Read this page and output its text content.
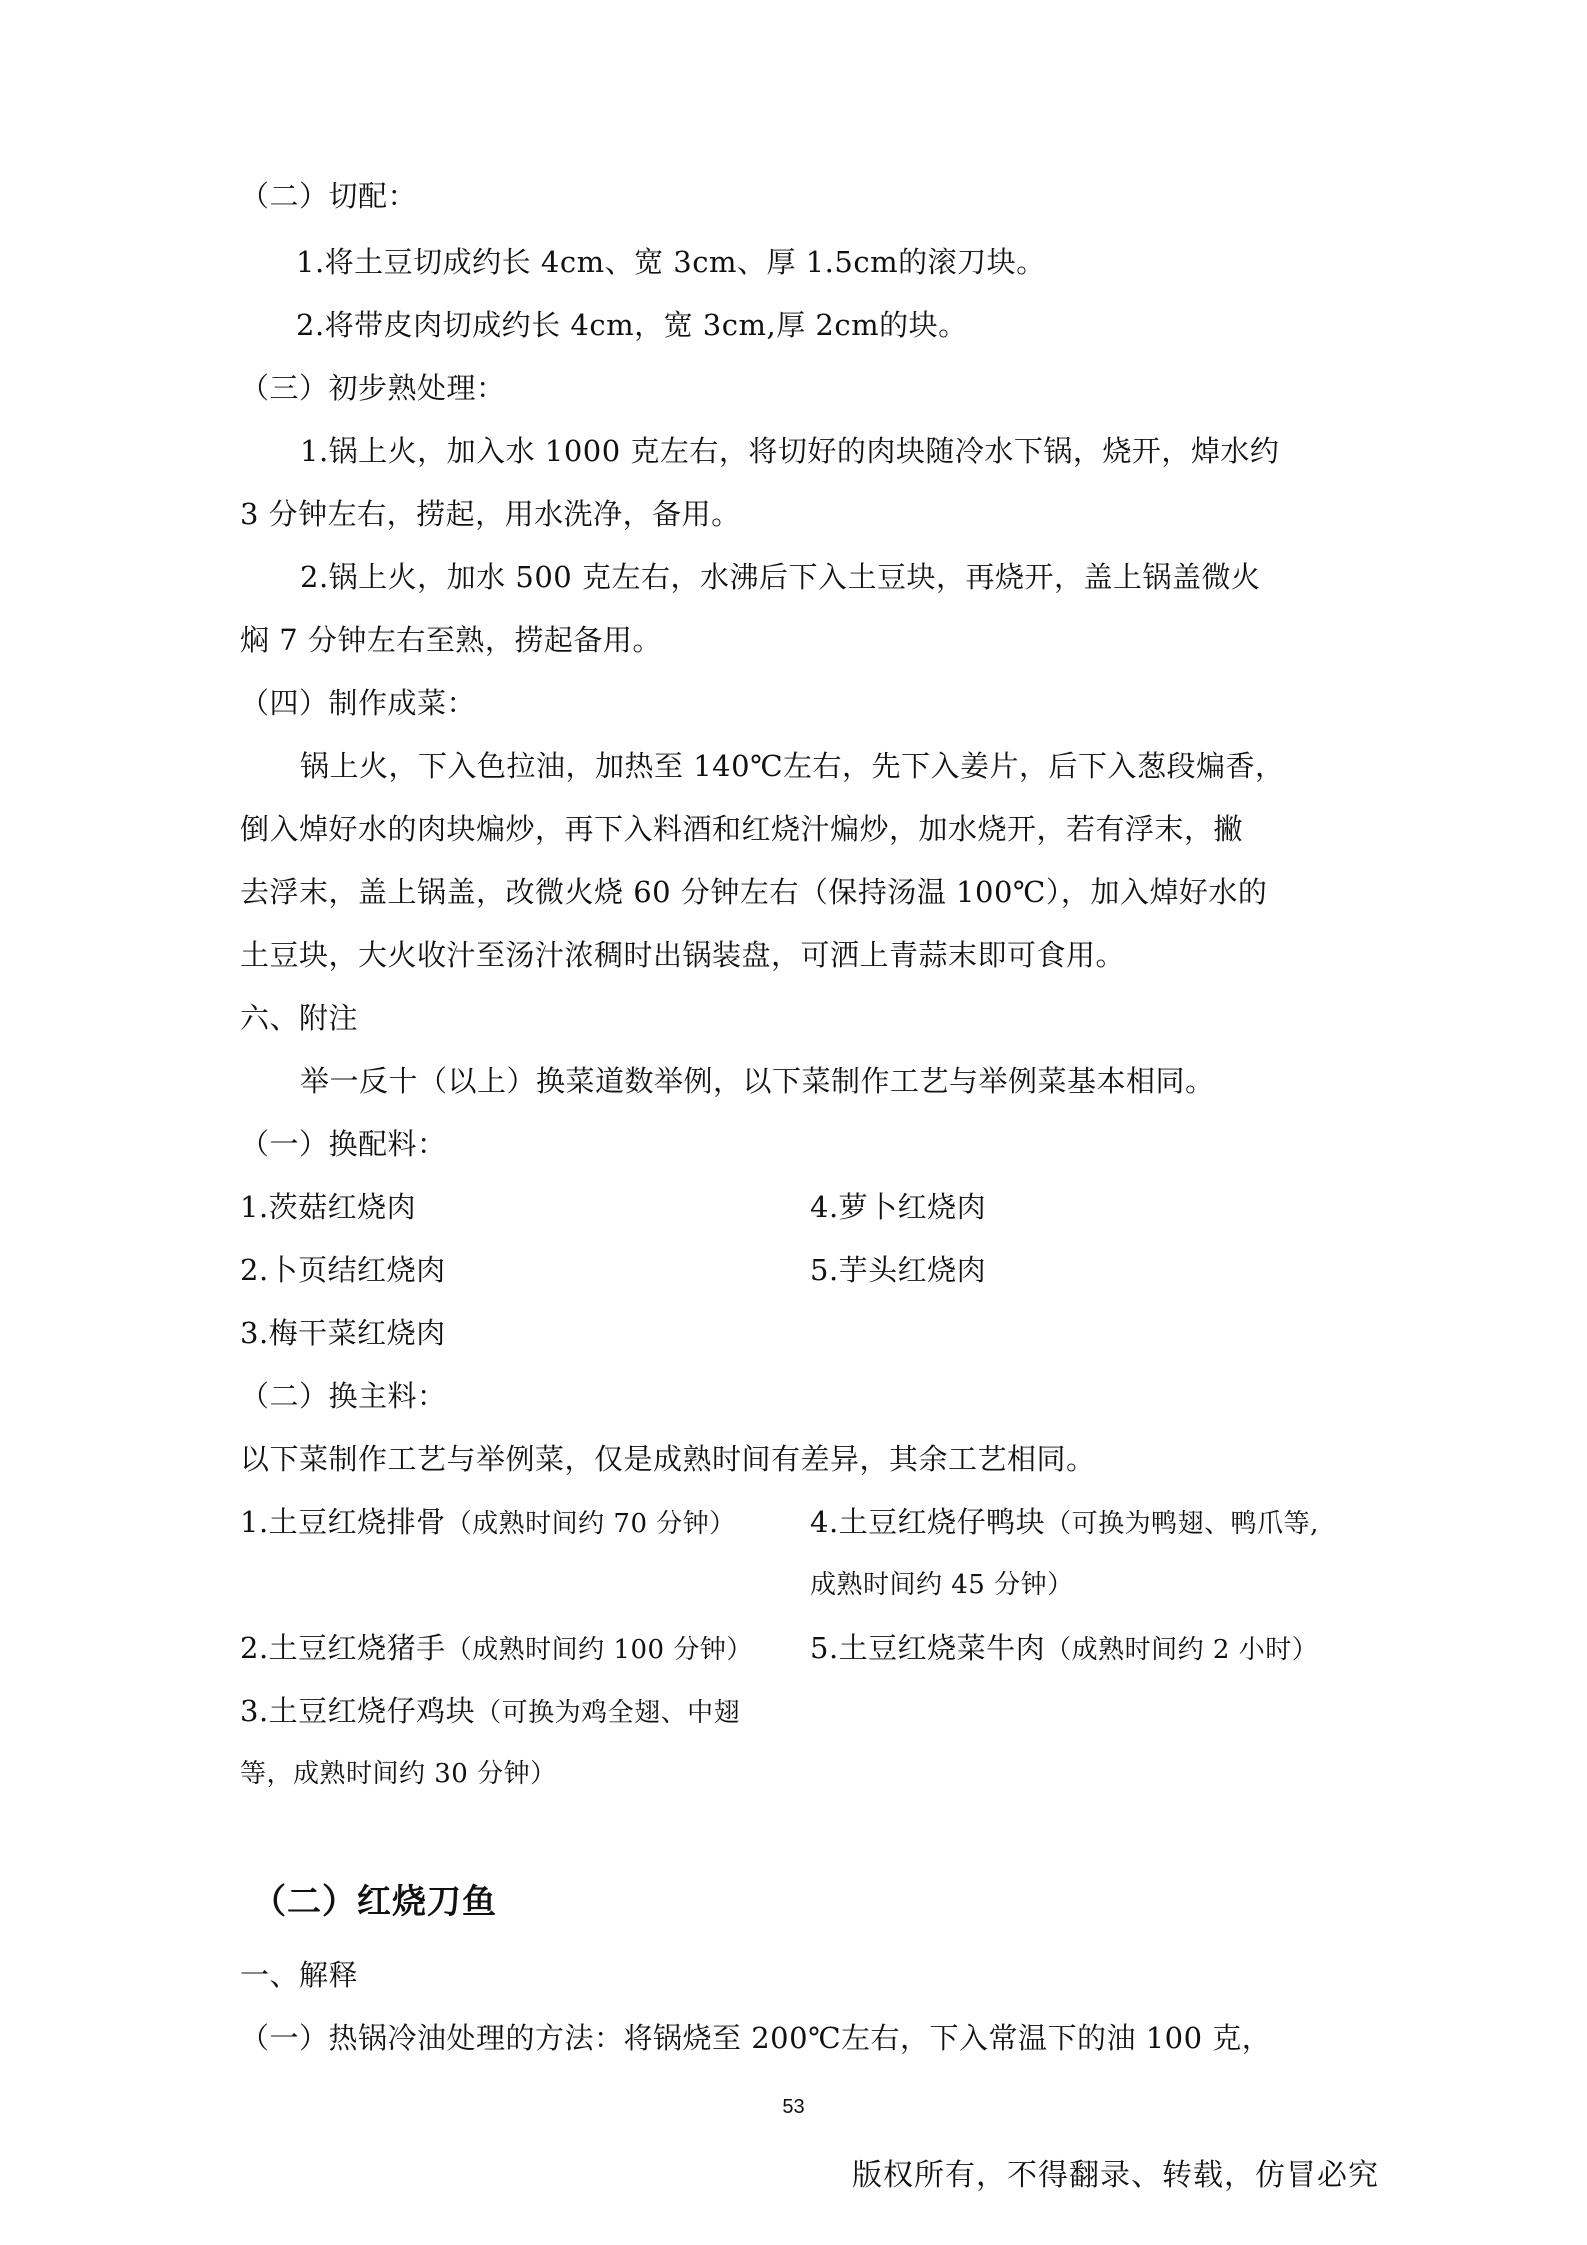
（二）切配：
1.将土豆切成约长 4cm、宽 3cm、厚 1.5cm的滚刀块。
2.将带皮肉切成约长 4cm，宽 3cm,厚 2cm的块。
（三）初步熟处理：
1.锅上火，加入水 1000 克左右，将切好的肉块随冷水下锅，烧开，焯水约
3 分钟左右，捞起，用水洗净，备用。
2.锅上火，加水 500 克左右，水沸后下入土豆块，再烧开，盖上锅盖微火
焖 7 分钟左右至熟，捞起备用。
（四）制作成菜：
锅上火，下入色拉油，加热至 140℃左右，先下入姜片，后下入葱段煸香，
倒入焯好水的肉块煸炒，再下入料酒和红烧汁煸炒，加水烧开，若有浮末，撇
去浮末，盖上锅盖，改微火烧 60 分钟左右（保持汤温 100℃），加入焯好水的
土豆块，大火收汁至汤汁浓稠时出锅装盘，可洒上青蒜末即可食用。
六、附注
举一反十（以上）换菜道数举例，以下菜制作工艺与举例菜基本相同。
（一）换配料：
1.茨菇红烧肉	4.萝卜红烧肉
2.卜页结红烧肉	5.芋头红烧肉
3.梅干菜红烧肉
（二）换主料：
以下菜制作工艺与举例菜，仅是成熟时间有差异，其余工艺相同。
1.土豆红烧排骨（成熟时间约 70 分钟）	4.土豆红烧仔鸭块（可换为鸭翅、鸭爪等,
成熟时间约 45 分钟）
2.土豆红烧猪手（成熟时间约 100 分钟） 5.土豆红烧菜牛肉（成熟时间约 2 小时）
3.土豆红烧仔鸡块（可换为鸡全翅、中翅
等，成熟时间约 30 分钟）
（二）红烧刀鱼
一、解释
（一）热锅冷油处理的方法：将锅烧至 200℃左右，下入常温下的油 100 克，
53
版权所有，不得翻录、转载，仿冒必究
